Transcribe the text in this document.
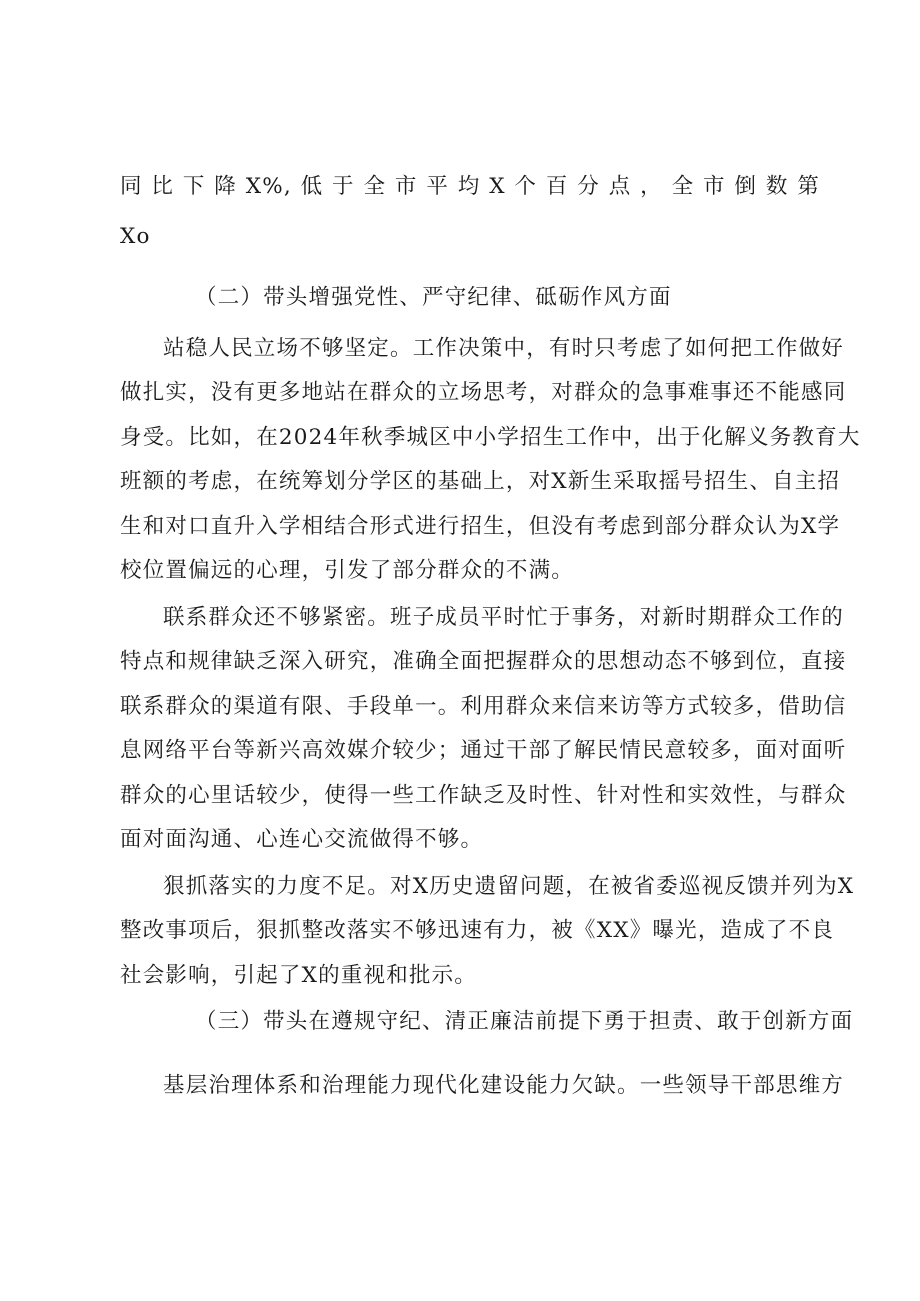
同比下降X%,低于全市平均X个百分点，全市倒数第
Xo
（二）带头增强党性、严守纪律、砥砺作风方面
站稳人民立场不够坚定。工作决策中，有时只考虑了如何把工作做好
做扎实，没有更多地站在群众的立场思考，对群众的急事难事还不能感同
身受。比如，在2024年秋季城区中小学招生工作中，出于化解义务教育大
班额的考虑，在统筹划分学区的基础上，对X新生采取摇号招生、自主招
生和对口直升入学相结合形式进行招生，但没有考虑到部分群众认为X学
校位置偏远的心理，引发了部分群众的不满。
联系群众还不够紧密。班子成员平时忙于事务，对新时期群众工作的
特点和规律缺乏深入研究，准确全面把握群众的思想动态不够到位，直接
联系群众的渠道有限、手段单一。利用群众来信来访等方式较多，借助信
息网络平台等新兴高效媒介较少；通过干部了解民情民意较多，面对面听
群众的心里话较少，使得一些工作缺乏及时性、针对性和实效性，与群众
面对面沟通、心连心交流做得不够。
狠抓落实的力度不足。对X历史遗留问题，在被省委巡视反馈并列为X
整改事项后，狠抓整改落实不够迅速有力，被《XX》曝光，造成了不良
社会影响，引起了X的重视和批示。
（三）带头在遵规守纪、清正廉洁前提下勇于担责、敢于创新方面
基层治理体系和治理能力现代化建设能力欠缺。一些领导干部思维方
